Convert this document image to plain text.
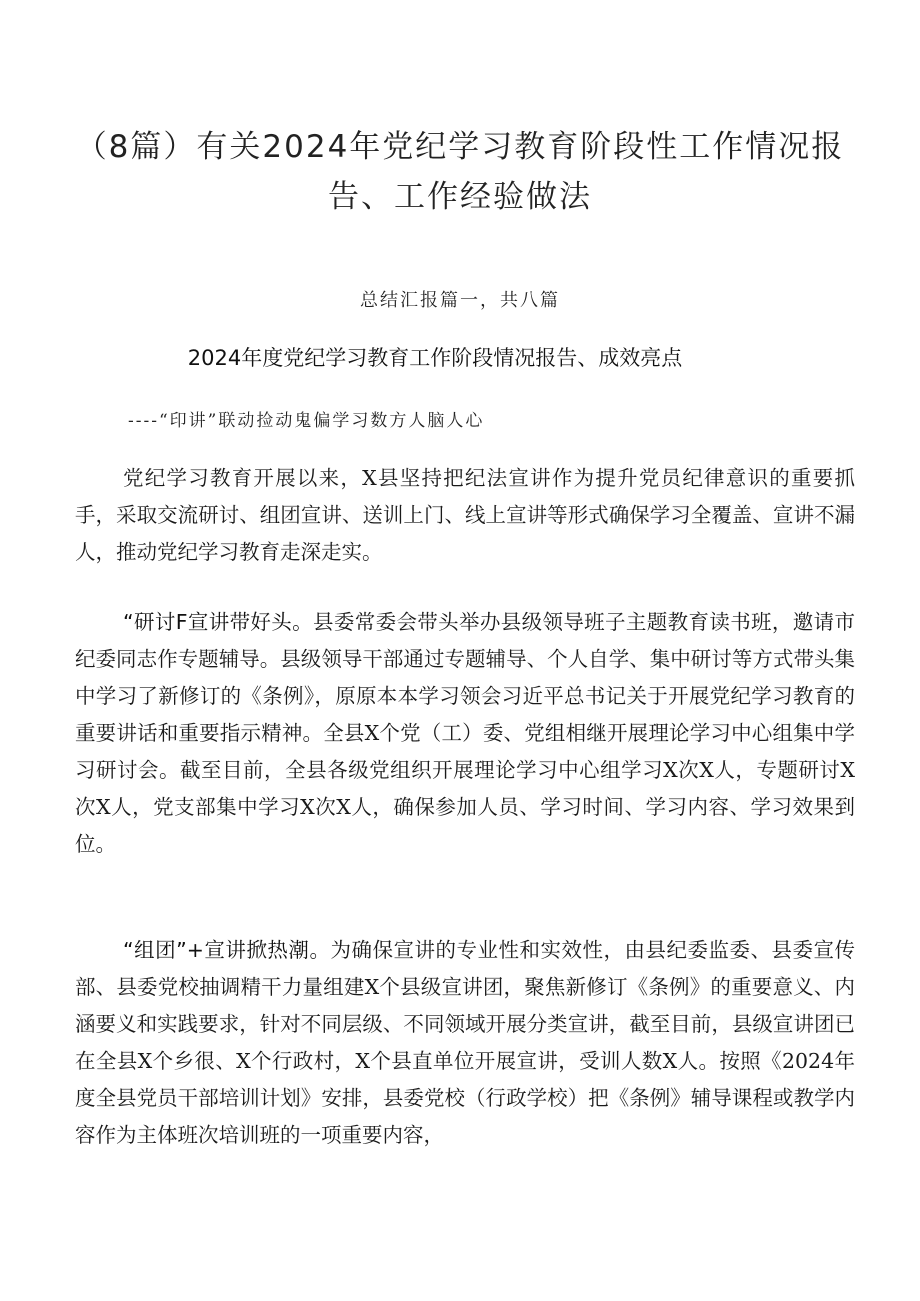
（8篇）有关2024年党纪学习教育阶段性工作情况报告、工作经验做法
总结汇报篇一，共八篇
2024年度党纪学习教育工作阶段情况报告、成效亮点
----“印讲”联动捡动鬼偏学习数方人脑人心

党纪学习教育开展以来，X县坚持把纪法宣讲作为提升党员纪律意识的重要抓手，采取交流研讨、组团宣讲、送训上门、线上宣讲等形式确保学习全覆盖、宣讲不漏人，推动党纪学习教育走深走实。

“研讨F宣讲带好头。县委常委会带头举办县级领导班子主题教育读书班，邀请市纪委同志作专题辅导。县级领导干部通过专题辅导、个人自学、集中研讨等方式带头集中学习了新修订的《条例》，原原本本学习领会习近平总书记关于开展党纪学习教育的重要讲话和重要指示精神。全县X个党（工）委、党组相继开展理论学习中心组集中学习研讨会。截至目前，全县各级党组织开展理论学习中心组学习X次X人，专题研讨X次X人，党支部集中学习X次X人，确保参加人员、学习时间、学习内容、学习效果到位。

“组团”+宣讲掀热潮。为确保宣讲的专业性和实效性，由县纪委监委、县委宣传部、县委党校抽调精干力量组建X个县级宣讲团，聚焦新修订《条例》的重要意义、内涵要义和实践要求，针对不同层级、不同领域开展分类宣讲，截至目前，县级宣讲团已在全县X个乡很、X个行政村，X个县直单位开展宣讲，受训人数X人。按照《2024年度全县党员干部培训计划》安排，县委党校（行政学校）把《条例》辅导课程或教学内容作为主体班次培训班的一项重要内容，
